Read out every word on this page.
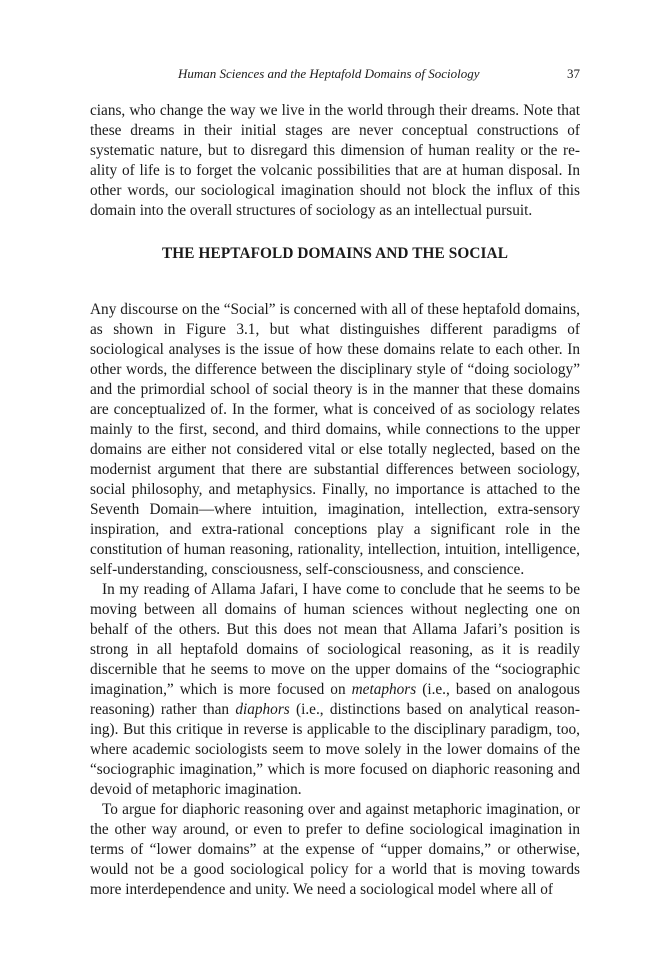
Human Sciences and the Heptafold Domains of Sociology	37

cians, who change the way we live in the world through their dreams. Note that these dreams in their initial stages are never conceptual constructions of systematic nature, but to disregard this dimension of human reality or the reality of life is to forget the volcanic possibilities that are at human disposal. In other words, our sociological imagination should not block the influx of this domain into the overall structures of sociology as an intellectual pursuit.

THE HEPTAFOLD DOMAINS AND THE SOCIAL

Any discourse on the “Social” is concerned with all of these heptafold domains, as shown in Figure 3.1, but what distinguishes different paradigms of sociological analyses is the issue of how these domains relate to each other. In other words, the difference between the disciplinary style of “doing sociology” and the primordial school of social theory is in the manner that these domains are conceptualized of. In the former, what is conceived of as sociology relates mainly to the first, second, and third domains, while connections to the upper domains are either not considered vital or else totally neglected, based on the modernist argument that there are substantial differences between sociology, social philosophy, and metaphysics. Finally, no importance is attached to the Seventh Domain—where intuition, imagination, intellection, extra-sensory inspiration, and extra-rational conceptions play a significant role in the constitution of human reasoning, rationality, intellection, intuition, intelligence, self-understanding, consciousness, self-consciousness, and conscience.

In my reading of Allama Jafari, I have come to conclude that he seems to be moving between all domains of human sciences without neglecting one on behalf of the others. But this does not mean that Allama Jafari’s position is strong in all heptafold domains of sociological reasoning, as it is readily discernible that he seems to move on the upper domains of the “sociographic imagination,” which is more focused on metaphors (i.e., based on analogous reasoning) rather than diaphors (i.e., distinctions based on analytical reasoning). But this critique in reverse is applicable to the disciplinary paradigm, too, where academic sociologists seem to move solely in the lower domains of the “sociographic imagination,” which is more focused on diaphoric reasoning and devoid of metaphoric imagination.

To argue for diaphoric reasoning over and against metaphoric imagination, or the other way around, or even to prefer to define sociological imagination in terms of “lower domains” at the expense of “upper domains,” or otherwise, would not be a good sociological policy for a world that is moving towards more interdependence and unity. We need a sociological model where all of
